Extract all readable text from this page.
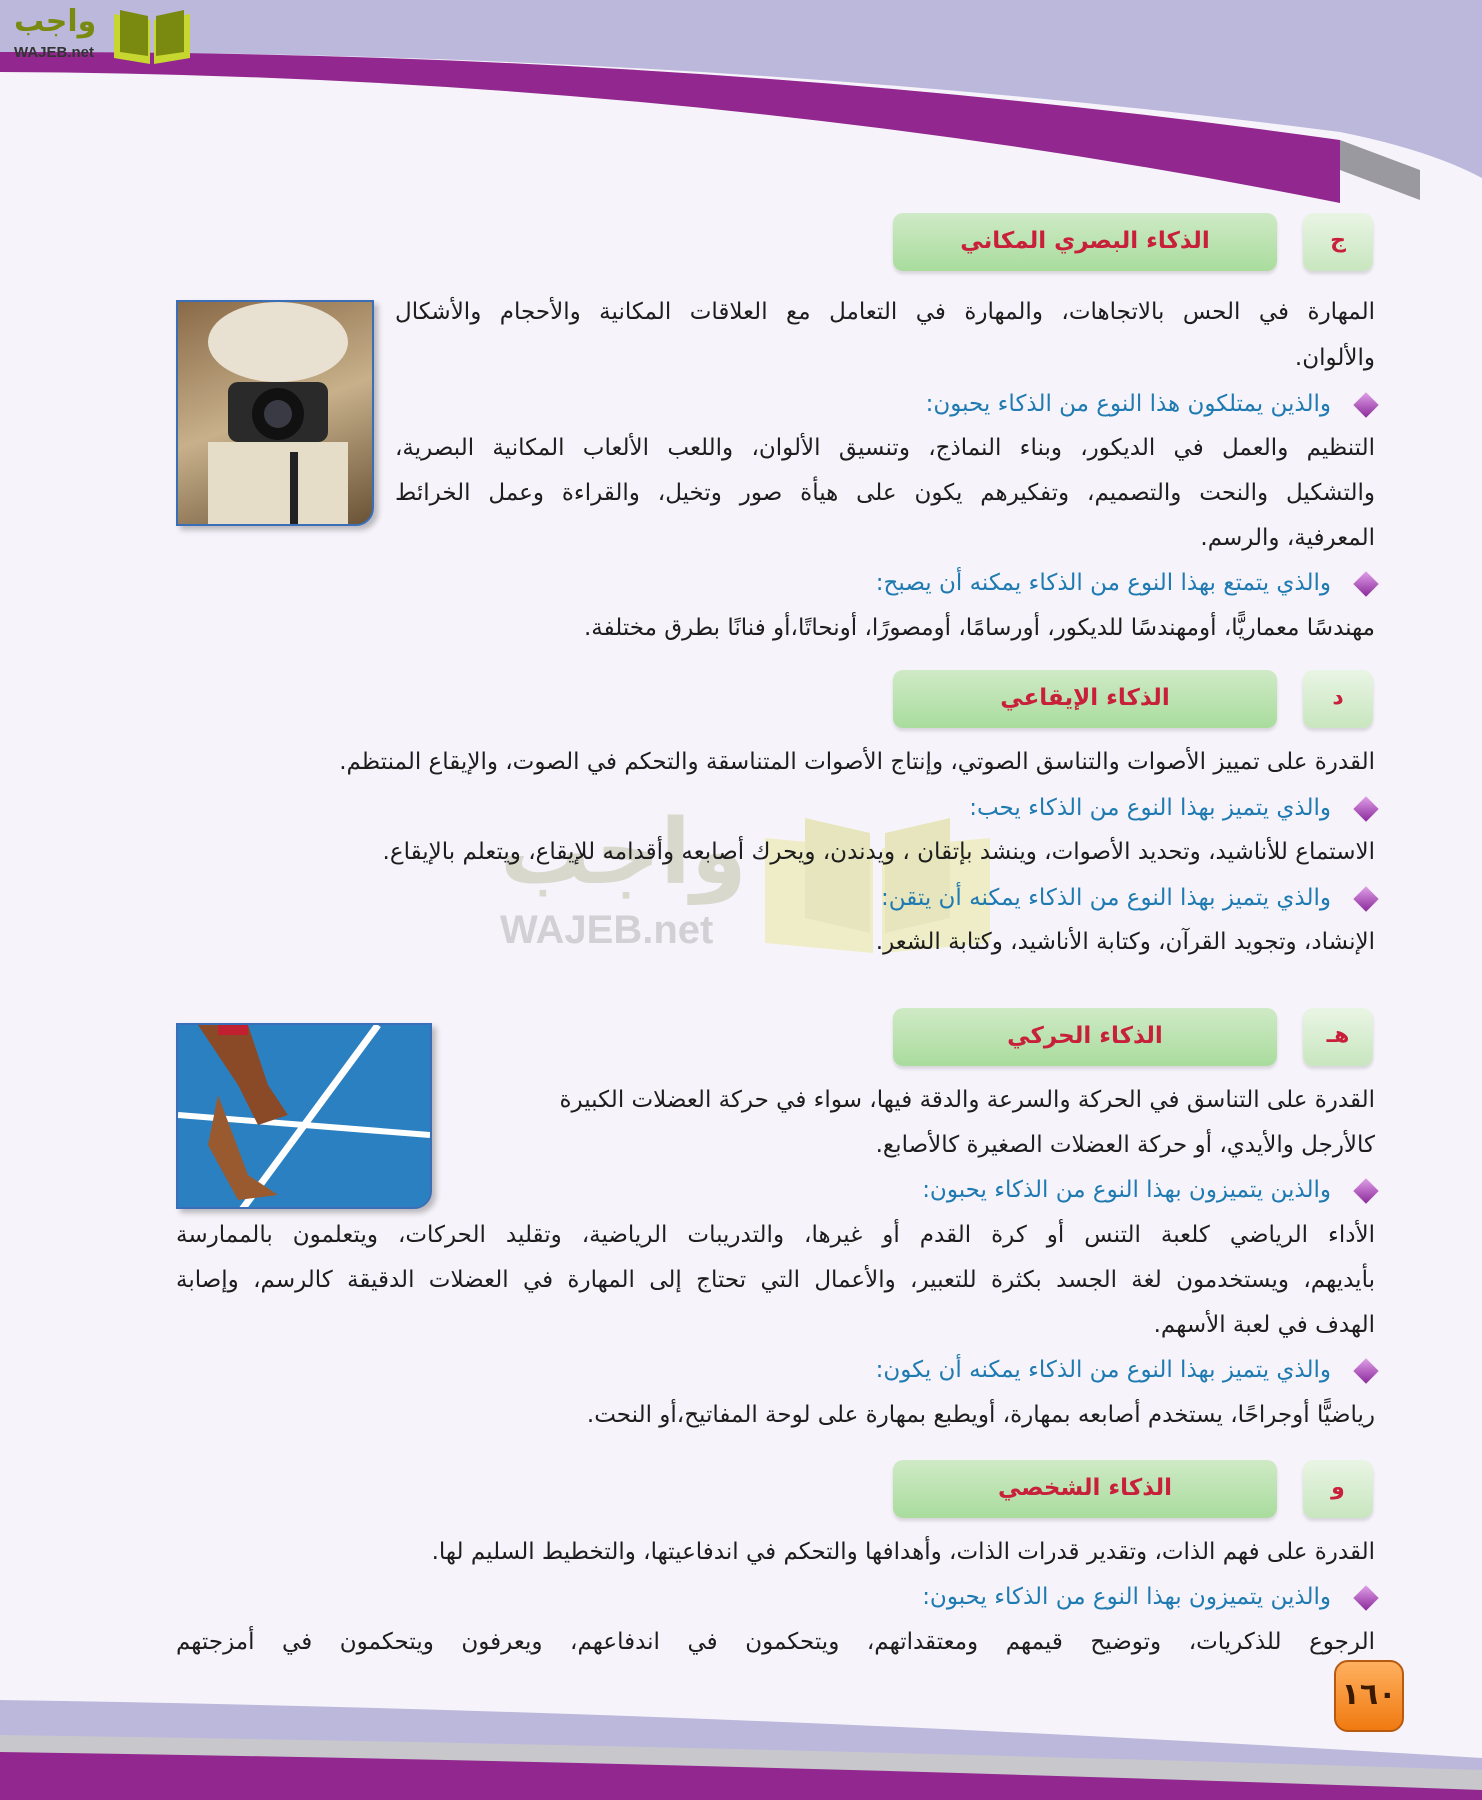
واجب
WAJEB.net
واجب
WAJEB.net
الذكاء البصري المكاني	ج
المهارة في الحس بالاتجاهات، والمهارة في التعامل مع العلاقات المكانية والأحجام والأشكال
والألوان.
والذين يمتلكون هذا النوع من الذكاء يحبون:
التنظيم والعمل في الديكور، وبناء النماذج، وتنسيق الألوان، واللعب الألعاب المكانية البصرية،
والتشكيل والنحت والتصميم، وتفكيرهم يكون على هيأة صور وتخيل، والقراءة وعمل الخرائط
المعرفية، والرسم.
والذي يتمتع بهذا النوع من الذكاء يمكنه أن يصبح:
مهندسًا معماريًّا، أومهندسًا للديكور، أورسامًا، أومصورًا، أونحاتًا،أو فنانًا بطرق مختلفة.
الذكاء الإيقاعي	د
القدرة على تمييز الأصوات والتناسق الصوتي، وإنتاج الأصوات المتناسقة والتحكم في الصوت، والإيقاع المنتظم.
والذي يتميز بهذا النوع من الذكاء يحب:
الاستماع للأناشيد، وتحديد الأصوات، وينشد بإتقان ، ويدندن، ويحرك أصابعه وأقدامه للإيقاع، ويتعلم بالإيقاع.
والذي يتميز بهذا النوع من الذكاء يمكنه أن يتقن:
الإنشاد، وتجويد القرآن، وكتابة الأناشيد، وكتابة الشعر.
الذكاء الحركي	هـ
القدرة على التناسق في الحركة والسرعة والدقة فيها، سواء في حركة العضلات الكبيرة
كالأرجل والأيدي، أو حركة العضلات الصغيرة كالأصابع.
والذين يتميزون بهذا النوع من الذكاء يحبون:
الأداء الرياضي كلعبة التنس أو كرة القدم أو غيرها، والتدريبات الرياضية، وتقليد الحركات، ويتعلمون بالممارسة
بأيديهم، ويستخدمون لغة الجسد بكثرة للتعبير، والأعمال التي تحتاج إلى المهارة في العضلات الدقيقة كالرسم، وإصابة
الهدف في لعبة الأسهم.
والذي يتميز بهذا النوع من الذكاء يمكنه أن يكون:
رياضيًّا أوجراحًا، يستخدم أصابعه بمهارة، أويطبع بمهارة على لوحة المفاتيح،أو النحت.
الذكاء الشخصي	و
القدرة على فهم الذات، وتقدير قدرات الذات، وأهدافها والتحكم في اندفاعيتها، والتخطيط السليم لها.
والذين يتميزون بهذا النوع من الذكاء يحبون:
الرجوع للذكريات، وتوضيح قيمهم ومعتقداتهم، ويتحكمون في اندفاعهم، ويعرفون ويتحكمون في أمزجتهم
١٦٠
